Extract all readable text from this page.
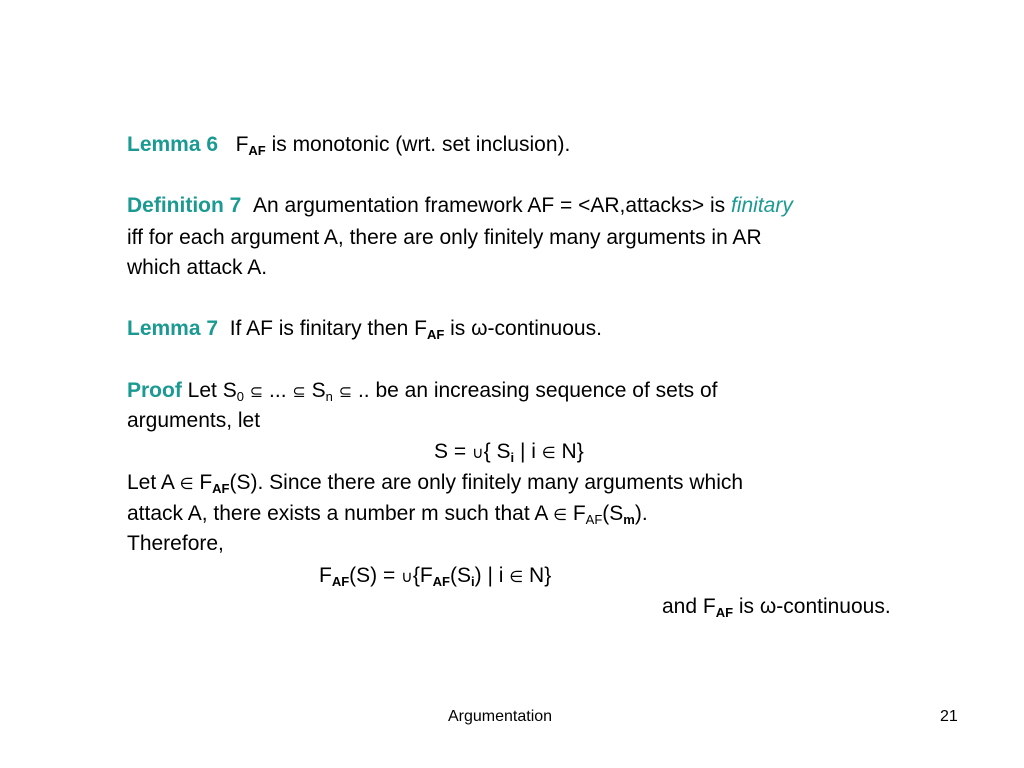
Lemma 6 $F_{AF}$ is monotonic (wrt. set inclusion).
Definition 7 An argumentation framework AF = <AR,attacks> is finitary
iff for each argument A, there are only finitely many arguments in AR
which attack A.
Lemma 7 If AF is finitary then $F_{AF}$ is ω-continuous.
Proof Let $S_0$ ⊆ ... ⊆ $S_n$ ⊆ .. be an increasing sequence of sets of
arguments, let
S = ∪{ $S_i$ | i ∈ N}
Let A ∈ $F_{AF}(S)$. Since there are only finitely many arguments which
attack A, there exists a number m such that A ∈ $F_{AF}(S_m)$.
Therefore,
$F_{AF}(S)$ = $\cup\{F_{AF}(S_i)$ | i ∈ N}
and $F_{AF}$ is ω-continuous.
Argumentation	21
